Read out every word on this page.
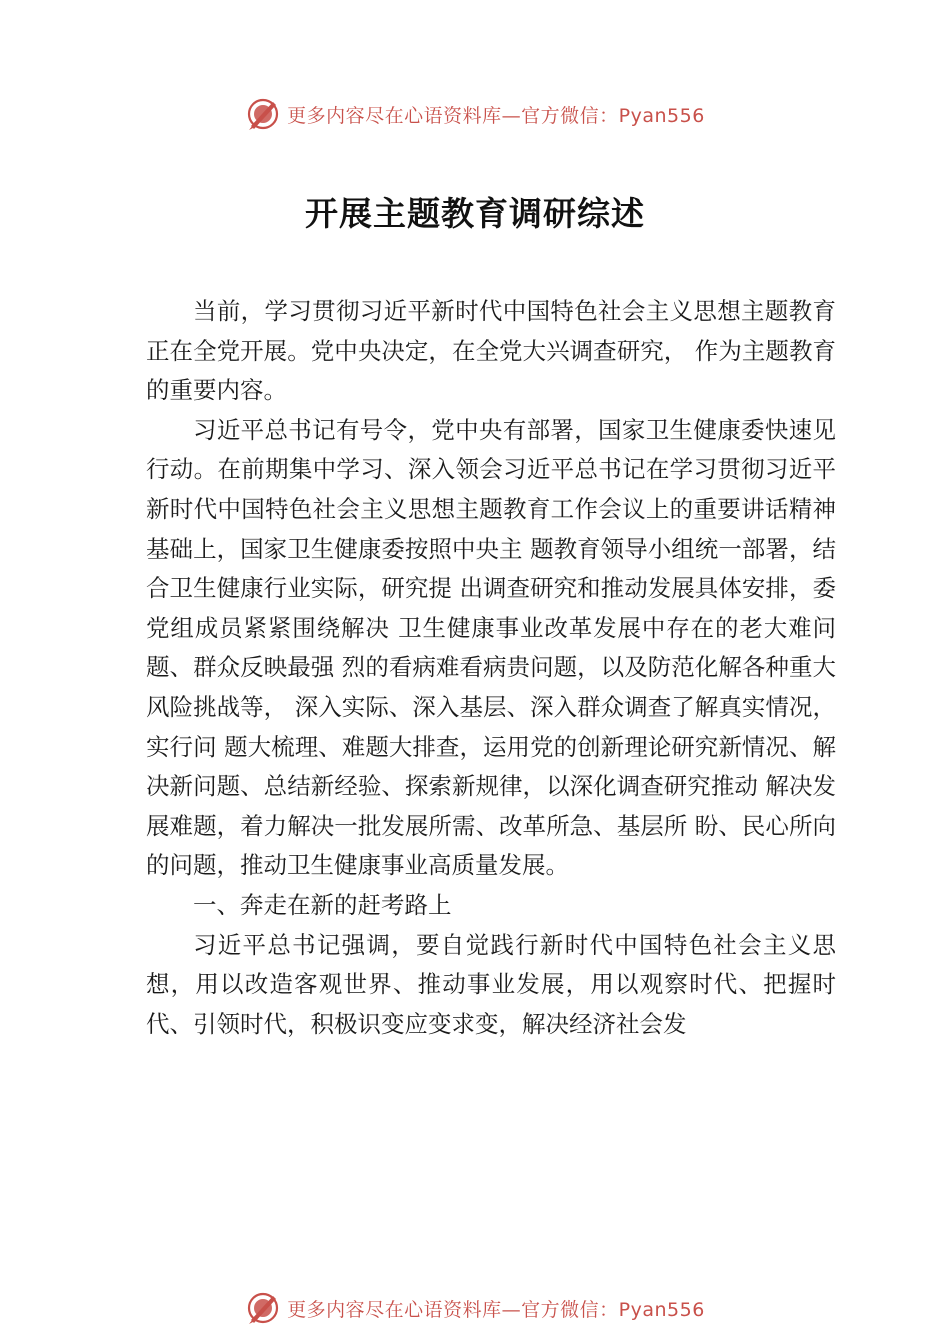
更多内容尽在心语资料库—官方微信：Pyan556
开展主题教育调研综述

当前，学习贯彻习近平新时代中国特色社会主义思想主题教育正在全党开展。党中央决定，在全党大兴调查研究， 作为主题教育的重要内容。

习近平总书记有号令，党中央有部署，国家卫生健康委快速见行动。在前期集中学习、深入领会习近平总书记在学习贯彻习近平新时代中国特色社会主义思想主题教育工作会议上的重要讲话精神基础上，国家卫生健康委按照中央主 题教育领导小组统一部署，结合卫生健康行业实际，研究提 出调查研究和推动发展具体安排，委党组成员紧紧围绕解决 卫生健康事业改革发展中存在的老大难问题、群众反映最强 烈的看病难看病贵问题，以及防范化解各种重大风险挑战等， 深入实际、深入基层、深入群众调查了解真实情况，实行问 题大梳理、难题大排查，运用党的创新理论研究新情况、解 决新问题、总结新经验、探索新规律，以深化调查研究推动 解决发展难题，着力解决一批发展所需、改革所急、基层所 盼、民心所向的问题，推动卫生健康事业高质量发展。

一、奔走在新的赶考路上

习近平总书记强调，要自觉践行新时代中国特色社会主义思想，用以改造客观世界、推动事业发展，用以观察时代、把握时代、引领时代，积极识变应变求变，解决经济社会发

更多内容尽在心语资料库—官方微信：Pyan556
